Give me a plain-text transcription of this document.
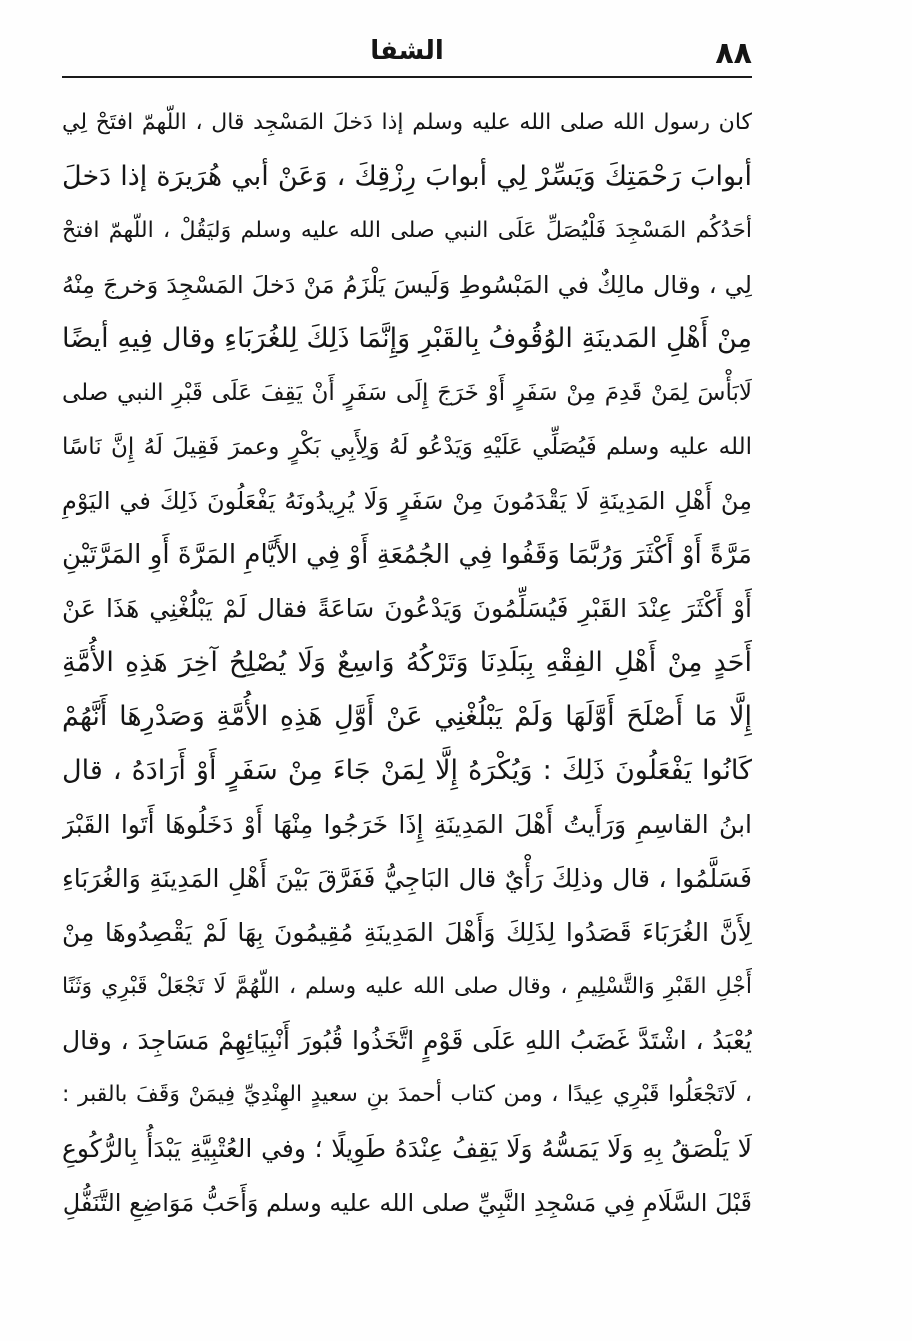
٨٨
الشفا
كان رسول الله صلى الله عليه وسلم إذا دَخلَ المَسْجِد قال ، اللّهمّ افتَحْ لِي
أبوابَ رَحْمَتِكَ وَيَسِّرْ لِي أبوابَ رِزْقِكَ ، وَعَنْ أبي هُرَيرَة إذا دَخلَ
أحَدُكُم المَسْجِدَ فَلْيُصَلِّ عَلَى النبي صلى الله عليه وسلم وَليَقُلْ ، اللّهمّ افتحْ
لِي ، وقال مالِكٌ في المَبْسُوطِ وَلَيسَ يَلْزَمُ مَنْ دَخلَ المَسْجِدَ وَخرجَ مِنْهُ
مِنْ أَهْلِ المَدينَةِ الوُقُوفُ بِالقَبْرِ وَإِنَّمَا ذَلِكَ لِلغُرَبَاءِ وقال فِيهِ أيضًا
لَابَأْسَ لِمَنْ قَدِمَ مِنْ سَفَرٍ أَوْ خَرَجَ إِلَى سَفَرٍ أَنْ يَقِفَ عَلَى قَبْرِ النبي صلى
الله عليه وسلم فَيُصَلِّي عَلَيْهِ وَيَدْعُو لَهُ وَلِأَبِي بَكْرٍ وعمرَ فَقِيلَ لَهُ إِنَّ نَاسًا
مِنْ أَهْلِ المَدِينَةِ لَا يَقْدَمُونَ مِنْ سَفَرٍ وَلَا يُرِيدُونَهُ يَفْعَلُونَ ذَلِكَ في اليَوْمِ
مَرَّةً أَوْ أَكْثَرَ وَرُبَّمَا وَقَفُوا فِي الجُمُعَةِ أَوْ فِي الأَيَّامِ المَرَّةَ أَوِ المَرَّتَيْنِ
أَوْ أَكْثَرَ عِنْدَ القَبْرِ فَيُسَلِّمُونَ وَيَدْعُونَ سَاعَةً فقال لَمْ يَبْلُغْنِي هَذَا عَنْ
أَحَدٍ مِنْ أَهْلِ الفِقْهِ بِبَلَدِنَا وَتَرْكُهُ وَاسِعٌ وَلَا يُصْلِحُ آخِرَ هَذِهِ الأُمَّةِ
إِلَّا مَا أَصْلَحَ أَوَّلَهَا وَلَمْ يَبْلُغْنِي عَنْ أَوَّلِ هَذِهِ الأُمَّةِ وَصَدْرِهَا أَنَّهُمْ
كَانُوا يَفْعَلُونَ ذَلِكَ : وَيُكْرَهُ إِلَّا لِمَنْ جَاءَ مِنْ سَفَرٍ أَوْ أَرَادَهُ ، قال
ابنُ القاسِمِ وَرَأَيتُ أَهْلَ المَدِينَةِ إِذَا خَرَجُوا مِنْهَا أَوْ دَخَلُوهَا أَتَوا القَبْرَ
فَسَلَّمُوا ، قال وذلِكَ رَأْيٌ قال البَاجِيُّ فَفَرَّقَ بَيْنَ أَهْلِ المَدِينَةِ وَالغُرَبَاءِ
لِأَنَّ الغُرَبَاءَ قَصَدُوا لِذَلِكَ وَأَهْلَ المَدِينَةِ مُقِيمُونَ بِهَا لَمْ يَقْصِدُوهَا مِنْ
أَجْلِ القَبْرِ وَالتَّسْلِيمِ ، وقال صلى الله عليه وسلم ، اللّهُمَّ لَا تَجْعَلْ قَبْرِي وَثَنًا
يُعْبَدُ ، اشْتَدَّ غَضَبُ اللهِ عَلَى قَوْمٍ اتَّخَذُوا قُبُورَ أَنْبِيَائِهِمْ مَسَاجِدَ ، وقال
، لَاتَجْعَلُوا قَبْرِي عِيدًا ، ومن كتاب أحمدَ بنِ سعيدٍ الهِنْدِيِّ فِيمَنْ وَقَفَ بالقبر :
لَا يَلْصَقُ بِهِ وَلَا يَمَسُّهُ وَلَا يَقِفُ عِنْدَهُ طَوِيلًا ؛ وفي العُتْبِيَّةِ يَبْدَأُ بِالرُّكُوعِ
قَبْلَ السَّلَامِ فِي مَسْجِدِ النَّبِيِّ صلى الله عليه وسلم وَأَحَبُّ مَوَاضِعِ التَّنَفُّلِ
